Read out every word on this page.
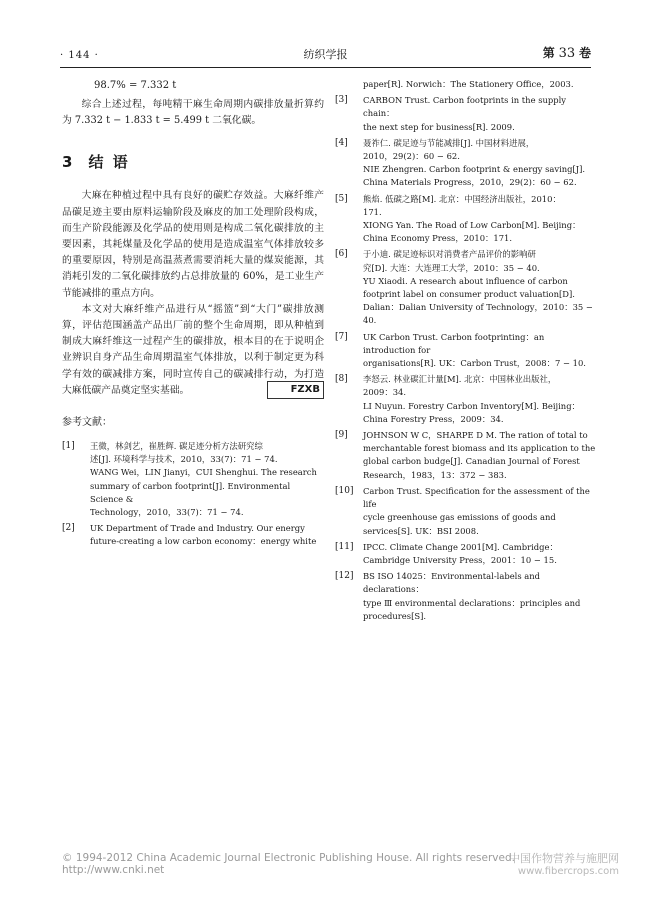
· 144 ·	纺织学报	第 33 卷
98.7% = 7.332 t

综合上述过程，每吨精干麻生命周期内碳排放量折算约为 7.332 t − 1.833 t = 5.499 t 二氧化碳。

3 结 语

大麻在种植过程中具有良好的碳贮存效益。大麻纤维产品碳足迹主要由原料运输阶段及麻皮的加工处理阶段构成，而生产阶段能源及化学品的使用则是构成二氧化碳排放的主要因素，其耗煤量及化学品的使用是造成温室气体排放较多的重要原因，特别是高温蒸煮需要消耗大量的煤炭能源，其消耗引发的二氧化碳排放约占总排放量的 60%，是工业生产节能减排的重点方向。

本文对大麻纤维产品进行从“摇篮”到“大门”碳排放测算，评估范围涵盖产品出厂前的整个生命周期，即从种植到制成大麻纤维这一过程产生的碳排放，根本目的在于说明企业辨识自身产品生命周期温室气体排放，以利于制定更为科学有效的碳减排方案，同时宣传自己的碳减排行动，为打造大麻低碳产品奠定坚实基础。	FZXB

参考文献：
[1] 王微，林剑艺，崔胜辉. 碳足迹分析方法研究综
述[J]. 环境科学与技术，2010，33(7)：71 − 74.
WANG Wei，LIN Jianyi，CUI Shenghui. The research
summary of carbon footprint[J]. Environmental Science &
Technology，2010，33(7)：71 − 74.
[2] UK Department of Trade and Industry. Our energy
future-creating a low carbon economy：energy white
paper[R]. Norwich：The Stationery Office，2003.
[3] CARBON Trust. Carbon footprints in the supply chain：
the next step for business[R]. 2009.
[4] 聂祚仁. 碳足迹与节能减排[J]. 中国材料进展，
2010，29(2)：60 − 62.
NIE Zhengren. Carbon footprint & energy saving[J].
China Materials Progress，2010，29(2)：60 − 62.
[5] 熊焰. 低碳之路[M]. 北京：中国经济出版社，2010：
171.
XIONG Yan. The Road of Low Carbon[M]. Beijing：
China Economy Press，2010：171.
[6] 于小迪. 碳足迹标识对消费者产品评价的影响研
究[D]. 大连：大连理工大学，2010：35 − 40.
YU Xiaodi. A research about influence of carbon
footprint label on consumer product valuation[D].
Dalian：Dalian University of Technology，2010：35 − 40.
[7] UK Carbon Trust. Carbon footprinting：an introduction for
organisations[R]. UK：Carbon Trust，2008：7 − 10.
[8] 李怒云. 林业碳汇计量[M]. 北京：中国林业出版社，
2009：34.
LI Nuyun. Forestry Carbon Inventory[M]. Beijing：
China Forestry Press，2009：34.
[9] JOHNSON W C，SHARPE D M. The ration of total to
merchantable forest biomass and its application to the
global carbon budge[J]. Canadian Journal of Forest
Research，1983，13：372 − 383.
[10] Carbon Trust. Specification for the assessment of the life
cycle greenhouse gas emissions of goods and
services[S]. UK：BSI 2008.
[11] IPCC. Climate Change 2001[M]. Cambridge：
Cambridge University Press，2001：10 − 15.
[12] BS ISO 14025：Environmental-labels and declarations：
type Ⅲ environmental declarations：principles and
procedures[S].
© 1994-2012 China Academic Journal Electronic Publishing House. All rights reserved. http://www.cnki.net
中国作物营养与施肥网
www.fibercrops.com
